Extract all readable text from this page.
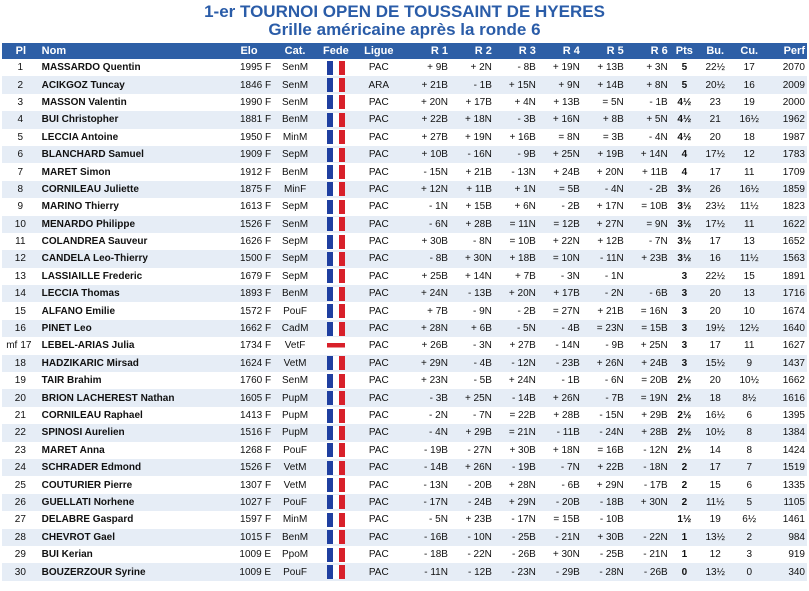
1-er TOURNOI OPEN DE TOUSSAINT DE HYERES
Grille américaine après la ronde 6
Pl	Nom	Elo	Cat.	Fede	Ligue	R 1	R 2	R 3	R 4	R 5	R 6	Pts	Bu.	Cu.	Perf
1	MASSARDO Quentin	1995 F	SenM		PAC	+ 9B	+ 2N	- 8B	+ 19N	+ 13B	+ 3N	5	22½	17	2070
2	ACIKGOZ Tuncay	1846 F	SenM		ARA	+ 21B	- 1B	+ 15N	+ 9N	+ 14B	+ 8N	5	20½	16	2009
3	MASSON Valentin	1990 F	SenM		PAC	+ 20N	+ 17B	+ 4N	+ 13B	= 5N	- 1B	4½	23	19	2000
4	BUI Christopher	1881 F	BenM		PAC	+ 22B	+ 18N	- 3B	+ 16N	+ 8B	+ 5N	4½	21	16½	1962
5	LECCIA Antoine	1950 F	MinM		PAC	+ 27B	+ 19N	+ 16B	= 8N	= 3B	- 4N	4½	20	18	1987
6	BLANCHARD Samuel	1909 F	SepM		PAC	+ 10B	- 16N	- 9B	+ 25N	+ 19B	+ 14N	4	17½	12	1783
7	MARET Simon	1912 F	BenM		PAC	- 15N	+ 21B	- 13N	+ 24B	+ 20N	+ 11B	4	17	11	1709
8	CORNILEAU Juliette	1875 F	MinF		PAC	+ 12N	+ 11B	+ 1N	= 5B	- 4N	- 2B	3½	26	16½	1859
9	MARINO Thierry	1613 F	SepM		PAC	- 1N	+ 15B	+ 6N	- 2B	+ 17N	= 10B	3½	23½	11½	1823
10	MENARDO Philippe	1526 F	SenM		PAC	- 6N	+ 28B	= 11N	= 12B	+ 27N	= 9N	3½	17½	11	1622
11	COLANDREA Sauveur	1626 F	SepM		PAC	+ 30B	- 8N	= 10B	+ 22N	+ 12B	- 7N	3½	17	13	1652
12	CANDELA Leo-Thierry	1500 F	SepM		PAC	- 8B	+ 30N	+ 18B	= 10N	- 11N	+ 23B	3½	16	11½	1563
13	LASSIAILLE Frederic	1679 F	SepM		PAC	+ 25B	+ 14N	+ 7B	- 3N	- 1N		3	22½	15	1891
14	LECCIA Thomas	1893 F	BenM		PAC	+ 24N	- 13B	+ 20N	+ 17B	- 2N	- 6B	3	20	13	1716
15	ALFANO Emilie	1572 F	PouF		PAC	+ 7B	- 9N	- 2B	= 27N	+ 21B	= 16N	3	20	10	1674
16	PINET Leo	1662 F	CadM		PAC	+ 28N	+ 6B	- 5N	- 4B	= 23N	= 15B	3	19½	12½	1640
mf 17	LEBEL-ARIAS Julia	1734 F	VetF		PAC	+ 26B	- 3N	+ 27B	- 14N	- 9B	+ 25N	3	17	11	1627
18	HADZIKARIC Mirsad	1624 F	VetM		PAC	+ 29N	- 4B	- 12N	- 23B	+ 26N	+ 24B	3	15½	9	1437
19	TAIR Brahim	1760 F	SenM		PAC	+ 23N	- 5B	+ 24N	- 1B	- 6N	= 20B	2½	20	10½	1662
20	BRION LACHEREST Nathan	1605 F	PupM		PAC	- 3B	+ 25N	- 14B	+ 26N	- 7B	= 19N	2½	18	8½	1616
21	CORNILEAU Raphael	1413 F	PupM		PAC	- 2N	- 7N	= 22B	+ 28B	- 15N	+ 29B	2½	16½	6	1395
22	SPINOSI Aurelien	1516 F	PupM		PAC	- 4N	+ 29B	= 21N	- 11B	- 24N	+ 28B	2½	10½	8	1384
23	MARET Anna	1268 F	PouF		PAC	- 19B	- 27N	+ 30B	+ 18N	= 16B	- 12N	2½	14	8	1424
24	SCHRADER Edmond	1526 F	VetM		PAC	- 14B	+ 26N	- 19B	- 7N	+ 22B	- 18N	2	17	7	1519
25	COUTURIER Pierre	1307 F	VetM		PAC	- 13N	- 20B	+ 28N	- 6B	+ 29N	- 17B	2	15	6	1335
26	GUELLATI Norhene	1027 F	PouF		PAC	- 17N	- 24B	+ 29N	- 20B	- 18B	+ 30N	2	11½	5	1105
27	DELABRE Gaspard	1597 F	MinM		PAC	- 5N	+ 23B	- 17N	= 15B	- 10B		1½	19	6½	1461
28	CHEVROT Gael	1015 F	BenM		PAC	- 16B	- 10N	- 25B	- 21N	+ 30B	- 22N	1	13½	2	984
29	BUI Kerian	1009 E	PpoM		PAC	- 18B	- 22N	- 26B	+ 30N	- 25B	- 21N	1	12	3	919
30	BOUZERZOUR Syrine	1009 E	PouF		PAC	- 11N	- 12B	- 23N	- 29B	- 28N	- 26B	0	13½	0	340
